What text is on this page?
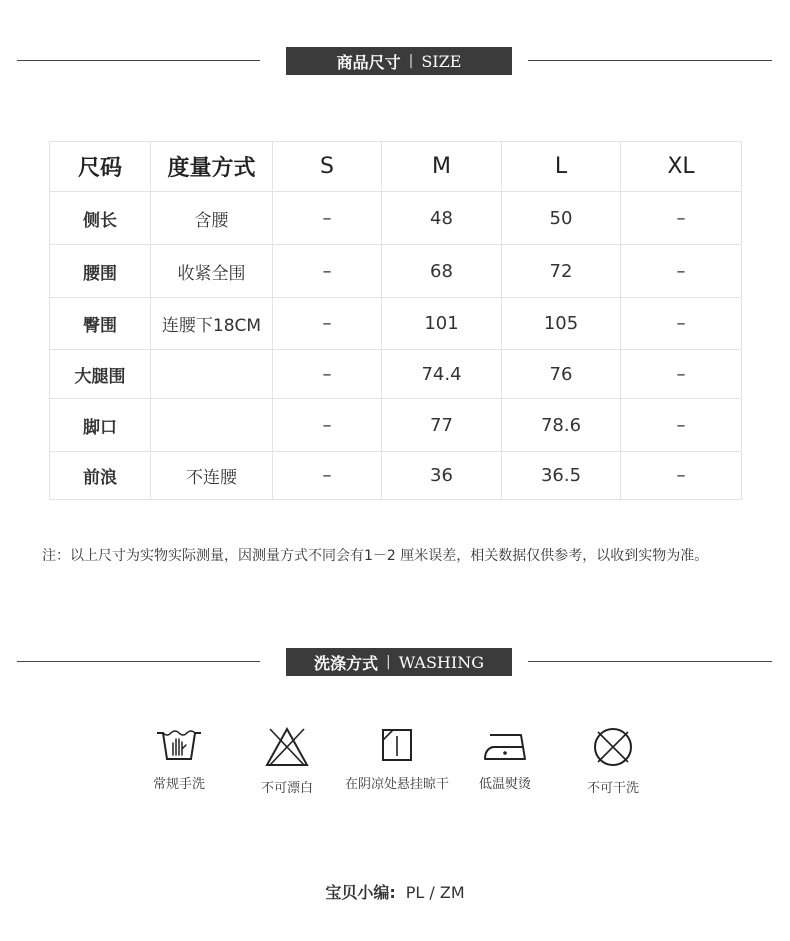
商品尺寸 | SIZE
尺码	度量方式	S	M	L	XL
侧长	含腰	–	48	50	–
腰围	收紧全围	–	68	72	–
臀围	连腰下18CM	–	101	105	–
大腿围		–	74.4	76	–
脚口		–	77	78.6	–
前浪	不连腰	–	36	36.5	–
注：以上尺寸为实物实际测量，因测量方式不同会有1－2 厘米误差，相关数据仅供参考，以收到实物为准。
洗涤方式 | WASHING
常规手洗	不可漂白 在阴凉处悬挂晾干 低温熨烫	不可干洗
宝贝小编: PL / ZM
